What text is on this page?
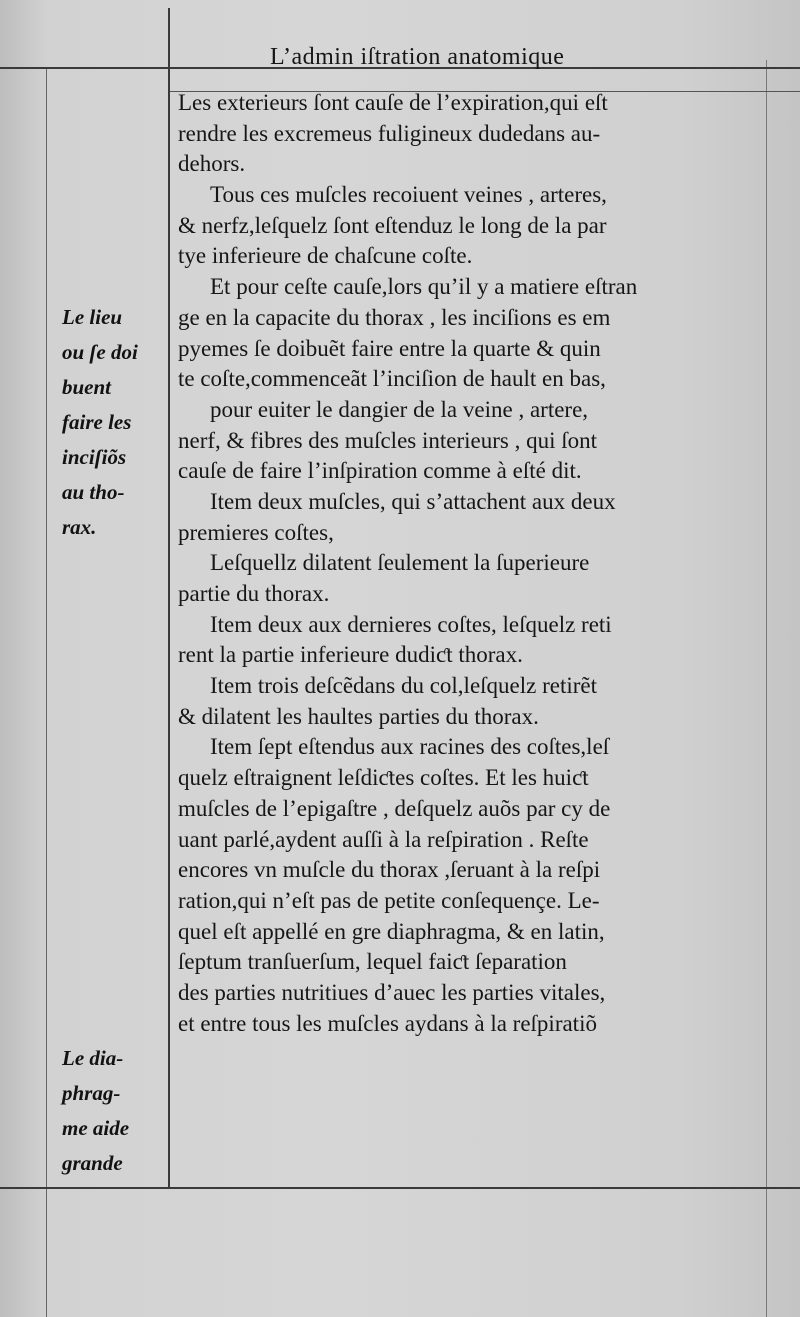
L’admin iſtration anatomique
Le lieu
ou ſe doi
buent
faire les
inciſiõs
au tho-
rax.
Le dia-
phrag-
me aide
grande
Les exterieurs ſont cauſe de l’expiration,qui eſt
rendre les excremeus fuligineux dudedans au-
dehors.
Tous ces muſcles recoiuent veines , arteres,
& nerfz,leſquelz ſont eſtenduz le long de la par
tye inferieure de chaſcune coſte.
Et pour ceſte cauſe,lors qu’il y a matiere eſtran
ge en la capacite du thorax , les inciſions es em
pyemes ſe doibuẽt faire entre la quarte & quin
te coſte,commenceãt l’inciſion de hault en bas,
pour euiter le dangier de la veine , artere,
nerf, & fibres des muſcles interieurs , qui ſont
cauſe de faire l’inſpiration comme à eſté dit.
Item deux muſcles, qui s’attachent aux deux
premieres coſtes,
Leſquellz dilatent ſeulement la ſuperieure
partie du thorax.
Item deux aux dernieres coſtes, leſquelz reti
rent la partie inferieure dudiƈt thorax.
Item trois deſcẽdans du col,leſquelz retirẽt
& dilatent les haultes parties du thorax.
Item ſept eſtendus aux racines des coſtes,leſ
quelz eſtraignent leſdiƈtes coſtes. Et les huiƈt
muſcles de l’epigaſtre , deſquelz auõs par cy de
uant parlé,aydent auſſi à la reſpiration . Reſte
encores vn muſcle du thorax ,ſeruant à la reſpi
ration,qui n’eſt pas de petite conſequençe. Le-
quel eſt appellé en gre diaphragma, & en latin,
ſeptum tranſuerſum, lequel faiƈt ſeparation
des parties nutritiues d’auec les parties vitales,
et entre tous les muſcles aydans à la reſpiratiõ
